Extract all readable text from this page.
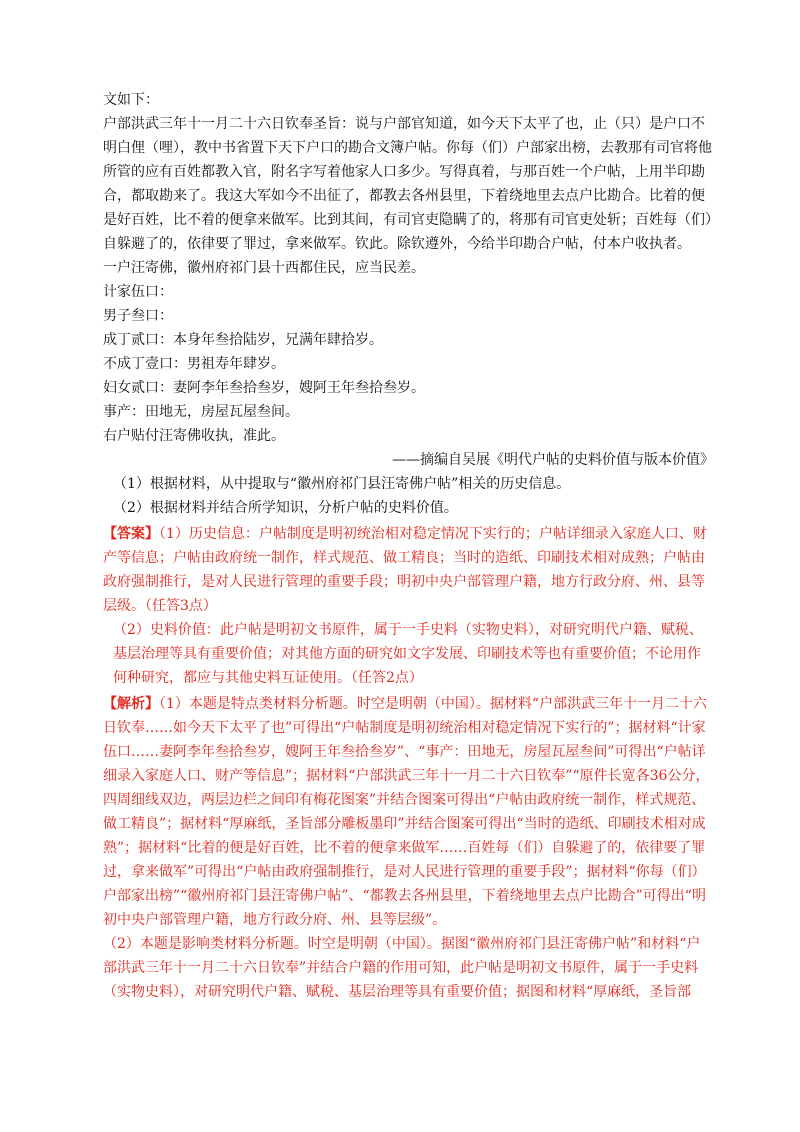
文如下：

户部洪武三年十一月二十六日钦奉圣旨：说与户部官知道，如今天下太平了也，止（只）是户口不明白俚（哩），教中书省置下天下户口的勘合文簿户帖。你每（们）户部家出榜，去教那有司官将他所管的应有百姓都教入官，附名字写着他家人口多少。写得真着，与那百姓一个户帖，上用半印勘合，都取勘来了。我这大军如今不出征了，都教去各州县里，下着绕地里去点户比勘合。比着的便是好百姓，比不着的便拿来做军。比到其间，有司官吏隐瞒了的，将那有司官吏处斩；百姓每（们）自躲避了的，依律要了罪过，拿来做军。钦此。除钦遵外，今给半印勘合户帖，付本户收执者。

一户汪寄佛，徽州府祁门县十西都住民，应当民差。

计家伍口：

男子叁口：

成丁贰口：本身年叁拾陆岁，兄满年肆拾岁。

不成丁壹口：男祖寿年肆岁。

妇女贰口：妻阿李年叁拾叁岁，嫂阿王年叁拾叁岁。

事产：田地无，房屋瓦屋叁间。

右户贴付汪寄佛收执，准此。

——摘编自吴展《明代户帖的史料价值与版本价值》

（1）根据材料，从中提取与“徽州府祁门县汪寄佛户帖”相关的历史信息。

（2）根据材料并结合所学知识，分析户帖的史料价值。

【答案】（1）历史信息：户帖制度是明初统治相对稳定情况下实行的；户帖详细录入家庭人口、财产等信息；户帖由政府统一制作，样式规范、做工精良；当时的造纸、印刷技术相对成熟；户帖由政府强制推行，是对人民进行管理的重要手段；明初中央户部管理户籍，地方行政分府、州、县等层级。（任答3点）

（2）史料价值：此户帖是明初文书原件，属于一手史料（实物史料），对研究明代户籍、赋税、基层治理等具有重要价值；对其他方面的研究如文字发展、印刷技术等也有重要价值；不论用作何种研究，都应与其他史料互证使用。（任答2点）

【解析】（1）本题是特点类材料分析题。时空是明朝（中国）。据材料“户部洪武三年十一月二十六日钦奉……如今天下太平了也”可得出“户帖制度是明初统治相对稳定情况下实行的”；据材料“计家伍口……妻阿李年叁拾叁岁，嫂阿王年叁拾叁岁”、“事产：田地无，房屋瓦屋叁间”可得出“户帖详细录入家庭人口、财产等信息”；据材料“户部洪武三年十一月二十六日钦奉”“原件长宽各36公分，四周细线双边，两层边栏之间印有梅花图案”并结合图案可得出“户帖由政府统一制作，样式规范、做工精良”；据材料“厚麻纸，圣旨部分雕板墨印”并结合图案可得出“当时的造纸、印刷技术相对成熟”；据材料“比着的便是好百姓，比不着的便拿来做军……百姓每（们）自躲避了的，依律要了罪过，拿来做军”可得出“户帖由政府强制推行，是对人民进行管理的重要手段”；据材料“你每（们）户部家出榜”“徽州府祁门县汪寄佛户帖”、“都教去各州县里，下着绕地里去点户比勘合”可得出“明初中央户部管理户籍，地方行政分府、州、县等层级”。

（2）本题是影响类材料分析题。时空是明朝（中国）。据图“徽州府祁门县汪寄佛户帖”和材料“户部洪武三年十一月二十六日钦奉”并结合户籍的作用可知，此户帖是明初文书原件，属于一手史料（实物史料），对研究明代户籍、赋税、基层治理等具有重要价值；据图和材料“厚麻纸，圣旨部
